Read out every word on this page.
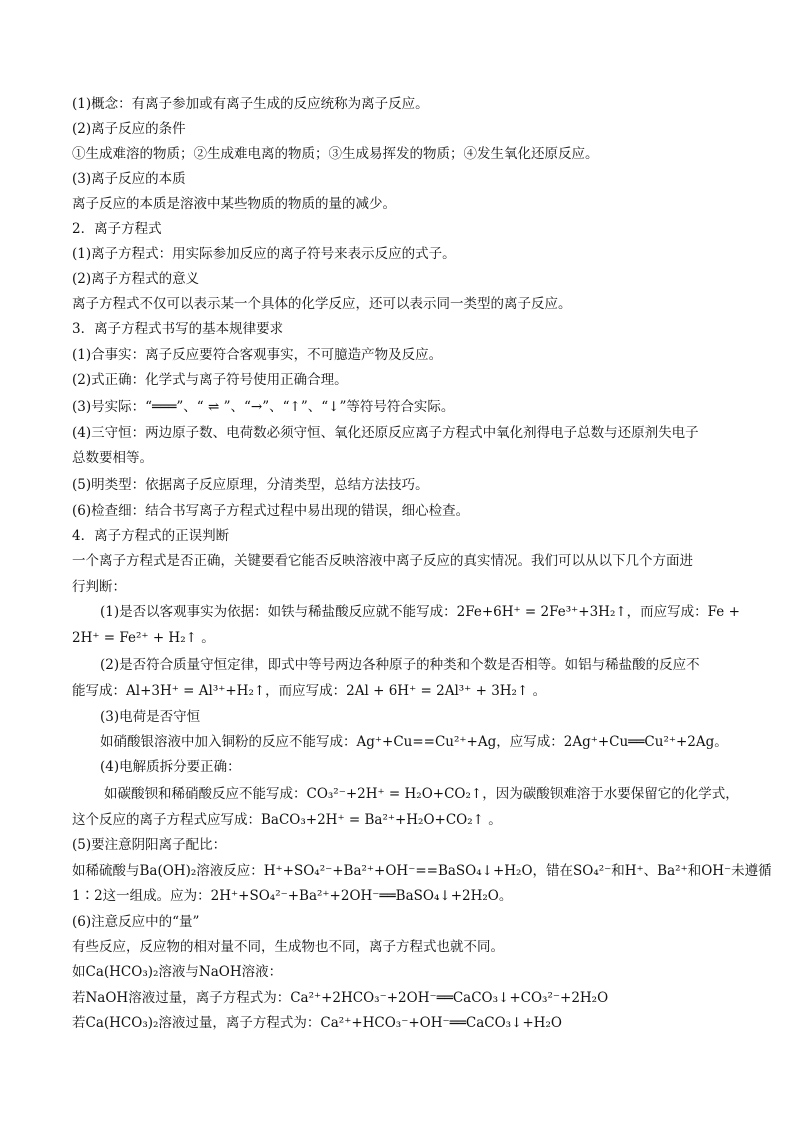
(1)概念：有离子参加或有离子生成的反应统称为离子反应。
(2)离子反应的条件
①生成难溶的物质；②生成难电离的物质；③生成易挥发的物质；④发生氧化还原反应。
(3)离子反应的本质
离子反应的本质是溶液中某些物质的物质的量的减少。
2．离子方程式
(1)离子方程式：用实际参加反应的离子符号来表示反应的式子。
(2)离子方程式的意义
离子方程式不仅可以表示某一个具体的化学反应，还可以表示同一类型的离子反应。
3．离子方程式书写的基本规律要求
(1)合事实：离子反应要符合客观事实，不可臆造产物及反应。
(2)式正确：化学式与离子符号使用正确合理。
(3)号实际：“═══”、“ ⇌ ”、“→”、“↑”、“↓”等符号符合实际。
(4)三守恒：两边原子数、电荷数必须守恒、氧化还原反应离子方程式中氧化剂得电子总数与还原剂失电子
总数要相等。
(5)明类型：依据离子反应原理，分清类型，总结方法技巧。
(6)检查细：结合书写离子方程式过程中易出现的错误，细心检查。
4．离子方程式的正误判断
一个离子方程式是否正确，关键要看它能否反映溶液中离子反应的真实情况。我们可以从以下几个方面进
行判断：
(1)是否以客观事实为依据：如铁与稀盐酸反应就不能写成：2Fe+6H⁺ = 2Fe³⁺+3H₂↑，而应写成：Fe +
2H⁺ = Fe²⁺ + H₂↑ 。
(2)是否符合质量守恒定律，即式中等号两边各种原子的种类和个数是否相等。如铝与稀盐酸的反应不
能写成：Al+3H⁺ = Al³⁺+H₂↑，而应写成：2Al + 6H⁺ = 2Al³⁺ + 3H₂↑ 。
(3)电荷是否守恒
如硝酸银溶液中加入铜粉的反应不能写成：Ag⁺+Cu==Cu²⁺+Ag，应写成：2Ag⁺+Cu══Cu²⁺+2Ag。
(4)电解质拆分要正确：
如碳酸钡和稀硝酸反应不能写成：CO₃²⁻+2H⁺ = H₂O+CO₂↑，因为碳酸钡难溶于水要保留它的化学式，
这个反应的离子方程式应写成：BaCO₃+2H⁺ = Ba²⁺+H₂O+CO₂↑ 。
(5)要注意阴阳离子配比：
如稀硫酸与Ba(OH)₂溶液反应：H⁺+SO₄²⁻+Ba²⁺+OH⁻==BaSO₄↓+H₂O，错在SO₄²⁻和H⁺、Ba²⁺和OH⁻未遵循
1∶2这一组成。应为：2H⁺+SO₄²⁻+Ba²⁺+2OH⁻══BaSO₄↓+2H₂O。
(6)注意反应中的“量”
有些反应，反应物的相对量不同，生成物也不同，离子方程式也就不同。
如Ca(HCO₃)₂溶液与NaOH溶液：
若NaOH溶液过量，离子方程式为：Ca²⁺+2HCO₃⁻+2OH⁻══CaCO₃↓+CO₃²⁻+2H₂O
若Ca(HCO₃)₂溶液过量，离子方程式为：Ca²⁺+HCO₃⁻+OH⁻══CaCO₃↓+H₂O
